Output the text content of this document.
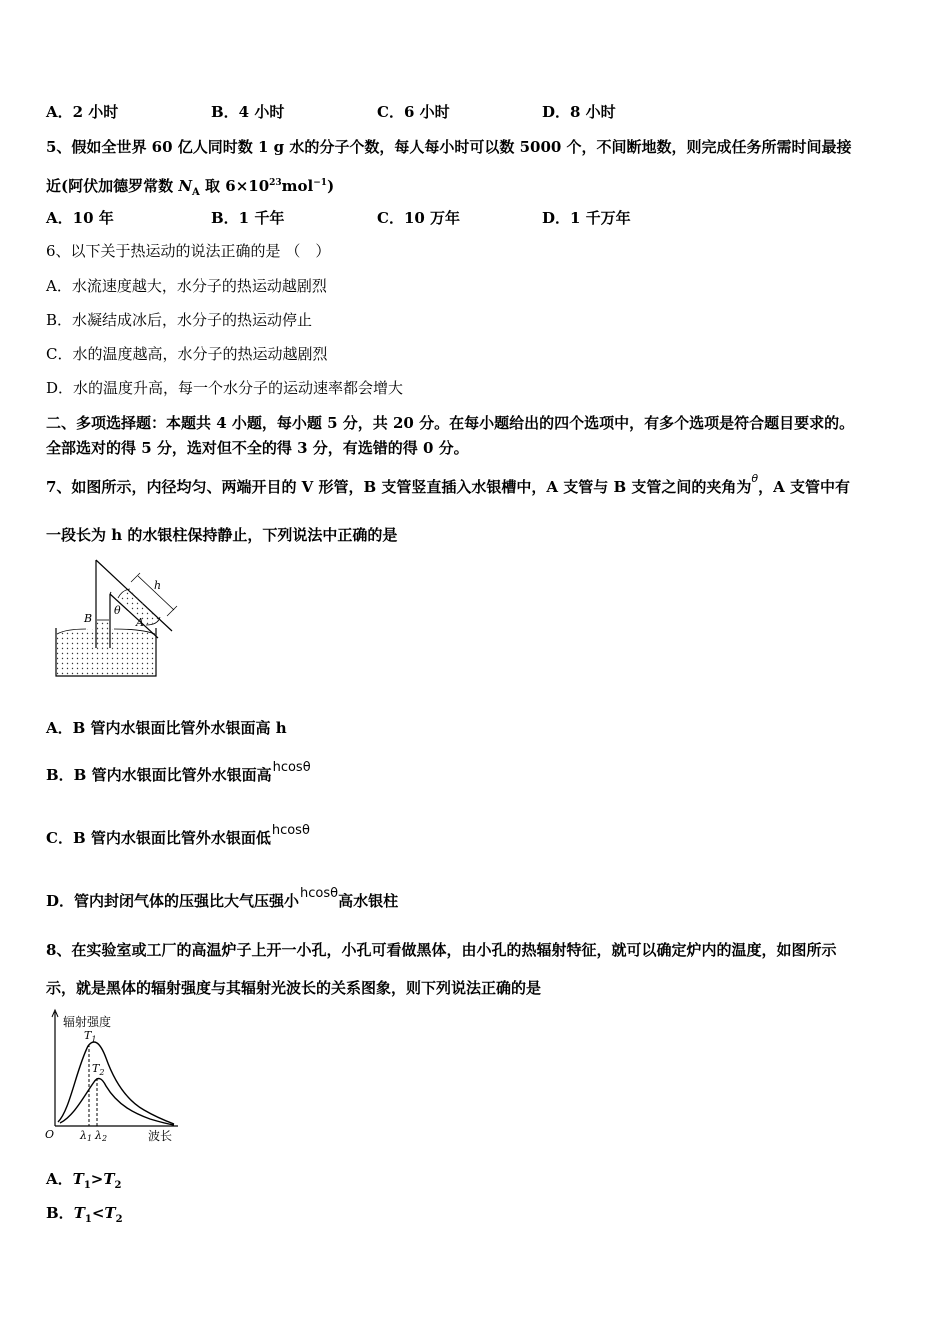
A．2 小时	B．4 小时	C．6 小时	D．8 小时
5、假如全世界 60 亿人同时数 1 g 水的分子个数，每人每小时可以数 5000 个，不间断地数，则完成任务所需时间最接
近(阿伏加德罗常数 $N_A$ 取 $6\times 10^{23}mol^{-1}$)
A．10 年	B．1 千年	C．10 万年	D．1 千万年
6、以下关于热运动的说法正确的是 （　）
A．水流速度越大，水分子的热运动越剧烈
B．水凝结成冰后，水分子的热运动停止
C．水的温度越高，水分子的热运动越剧烈
D．水的温度升高，每一个水分子的运动速率都会增大
二、多项选择题：本题共 4 小题，每小题 5 分，共 20 分。在每小题给出的四个选项中，有多个选项是符合题目要求的。
全部选对的得 5 分，选对但不全的得 3 分，有选错的得 0 分。
7、如图所示，内径均匀、两端开目的 V 形管，B 支管竖直插入水银槽中，A 支管与 B 支管之间的夹角为$^\theta$，A 支管中有
一段长为 h 的水银柱保持静止，下列说法中正确的是
h
θ
B	A
A．B 管内水银面比管外水银面高 h
B．B 管内水银面比管外水银面高hcosθ
C．B 管内水银面比管外水银面低hcosθ
D．管内封闭气体的压强比大气压强小hcosθ高水银柱
8、在实验室或工厂的高温炉子上开一小孔，小孔可看做黑体，由小孔的热辐射特征，就可以确定炉内的温度，如图所示
示，就是黑体的辐射强度与其辐射光波长的关系图象，则下列说法正确的是
辐射强度
波长
O
$T_1$
$T_2$
λ1 λ2
A．$T_1>T_2$
B．$T_1<T_2$
